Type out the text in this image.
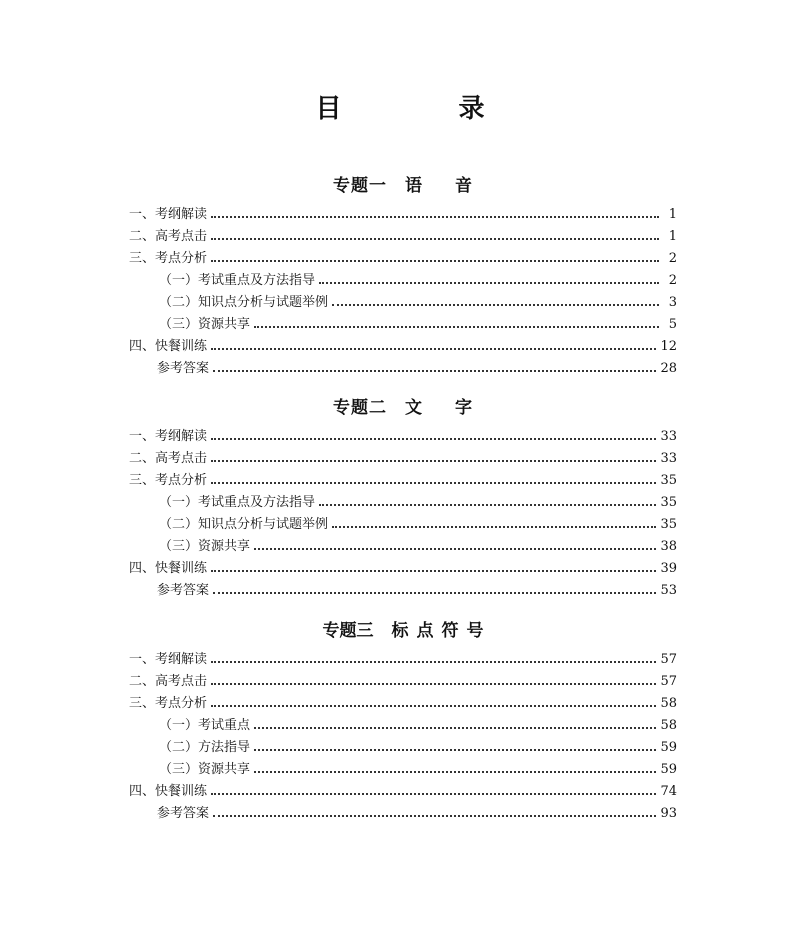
目 录
专题一 语 音
一、考纲解读	1
二、高考点击	1
三、考点分析	2
（一）考试重点及方法指导	2
（二）知识点分析与试题举例	3
（三）资源共享	5
四、快餐训练	12
参考答案	28
专题二 文 字
一、考纲解读	33
二、高考点击	33
三、考点分析	35
（一）考试重点及方法指导	35
（二）知识点分析与试题举例	35
（三）资源共享	38
四、快餐训练	39
参考答案	53
专题三 标 点 符 号
一、考纲解读	57
二、高考点击	57
三、考点分析	58
（一）考试重点	58
（二）方法指导	59
（三）资源共享	59
四、快餐训练	74
参考答案	93
